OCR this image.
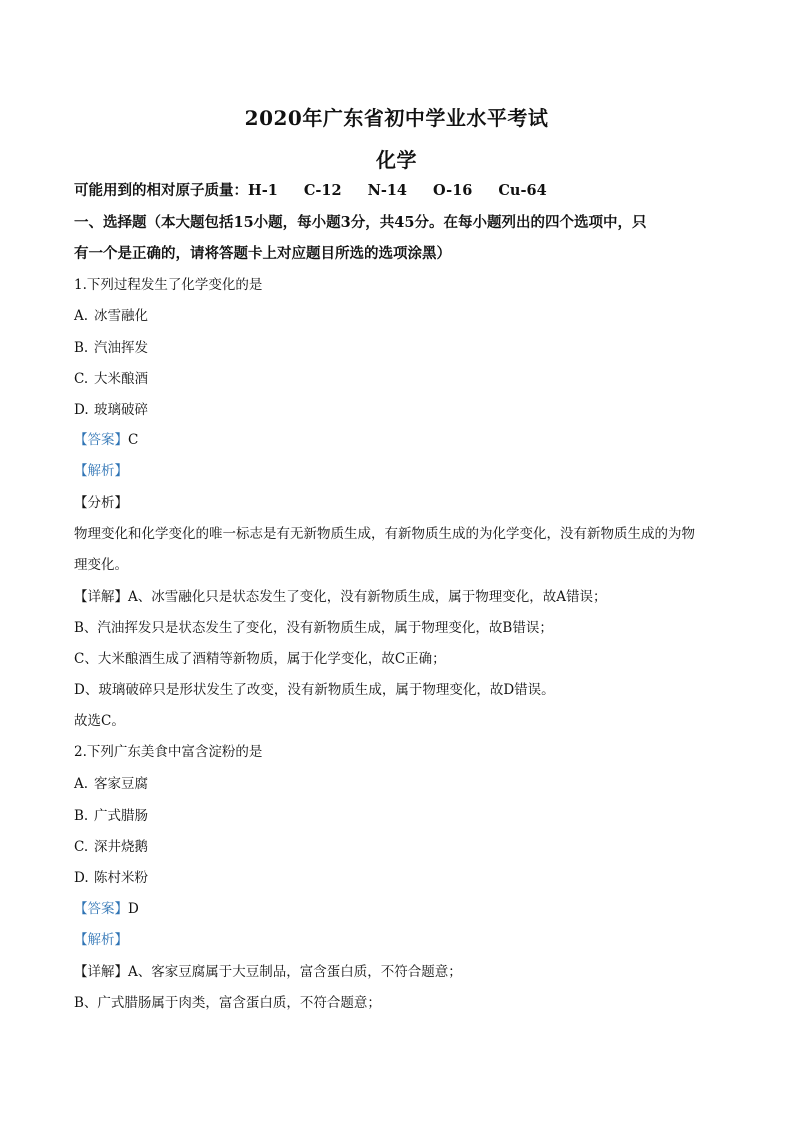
2020年广东省初中学业水平考试
化学
可能用到的相对原子质量：H-1 C-12 N-14 O-16 Cu-64
一、选择题（本大题包括15小题，每小题3分，共45分。在每小题列出的四个选项中，只
有一个是正确的，请将答题卡上对应题目所选的选项涂黑）
1.下列过程发生了化学变化的是
A. 冰雪融化
B. 汽油挥发
C. 大米酿酒
D. 玻璃破碎
【答案】C
【解析】
【分析】
物理变化和化学变化的唯一标志是有无新物质生成，有新物质生成的为化学变化，没有新物质生成的为物
理变化。
【详解】A、冰雪融化只是状态发生了变化，没有新物质生成，属于物理变化，故A错误；
B、汽油挥发只是状态发生了变化，没有新物质生成，属于物理变化，故B错误；
C、大米酿酒生成了酒精等新物质，属于化学变化，故C正确；
D、玻璃破碎只是形状发生了改变，没有新物质生成，属于物理变化，故D错误。
故选C。
2.下列广东美食中富含淀粉的是
A. 客家豆腐
B. 广式腊肠
C. 深井烧鹅
D. 陈村米粉
【答案】D
【解析】
【详解】A、客家豆腐属于大豆制品，富含蛋白质，不符合题意；
B、广式腊肠属于肉类，富含蛋白质，不符合题意；
